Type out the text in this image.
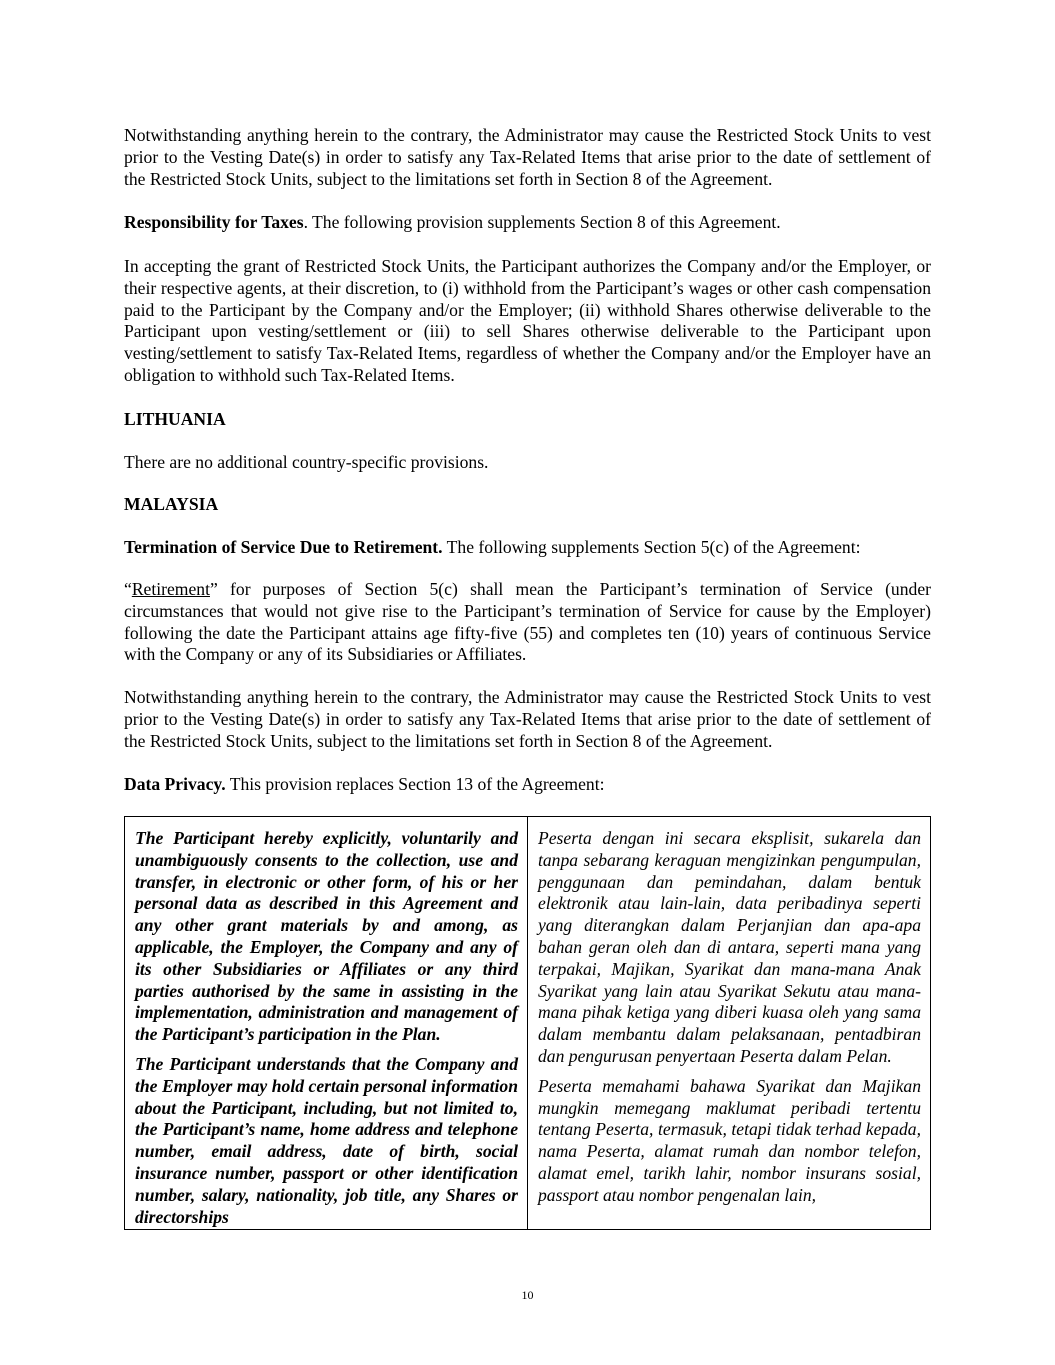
Notwithstanding anything herein to the contrary, the Administrator may cause the Restricted Stock Units to vest prior to the Vesting Date(s) in order to satisfy any Tax-Related Items that arise prior to the date of settlement of the Restricted Stock Units, subject to the limitations set forth in Section 8 of the Agreement.

Responsibility for Taxes. The following provision supplements Section 8 of this Agreement.

In accepting the grant of Restricted Stock Units, the Participant authorizes the Company and/or the Employer, or their respective agents, at their discretion, to (i) withhold from the Participant’s wages or other cash compensation paid to the Participant by the Company and/or the Employer; (ii) withhold Shares otherwise deliverable to the Participant upon vesting/settlement or (iii) to sell Shares otherwise deliverable to the Participant upon vesting/settlement to satisfy Tax-Related Items, regardless of whether the Company and/or the Employer have an obligation to withhold such Tax-Related Items.

LITHUANIA

There are no additional country-specific provisions.

MALAYSIA

Termination of Service Due to Retirement. The following supplements Section 5(c) of the Agreement:

“Retirement” for purposes of Section 5(c) shall mean the Participant’s termination of Service (under circumstances that would not give rise to the Participant’s termination of Service for cause by the Employer) following the date the Participant attains age fifty-five (55) and completes ten (10) years of continuous Service with the Company or any of its Subsidiaries or Affiliates.

Notwithstanding anything herein to the contrary, the Administrator may cause the Restricted Stock Units to vest prior to the Vesting Date(s) in order to satisfy any Tax-Related Items that arise prior to the date of settlement of the Restricted Stock Units, subject to the limitations set forth in Section 8 of the Agreement.

Data Privacy. This provision replaces Section 13 of the Agreement:

The Participant hereby explicitly, voluntarily and unambiguously consents to the collection, use and transfer, in electronic or other form, of his or her personal data as described in this Agreement and any other grant materials by and among, as applicable, the Employer, the Company and any of its other Subsidiaries or Affiliates or any third parties authorised by the same in assisting in the implementation, administration and management of the Participant’s participation in the Plan.

The Participant understands that the Company and the Employer may hold certain personal information about the Participant, including, but not limited to, the Participant’s name, home address and telephone number, email address, date of birth, social insurance number, passport or other identification number, salary, nationality, job title, any Shares or directorships

Peserta dengan ini secara eksplisit, sukarela dan tanpa sebarang keraguan mengizinkan pengumpulan, penggunaan dan pemindahan, dalam bentuk elektronik atau lain-lain, data peribadinya seperti yang diterangkan dalam Perjanjian dan apa-apa bahan geran oleh dan di antara, seperti mana yang terpakai, Majikan, Syarikat dan mana-mana Anak Syarikat yang lain atau Syarikat Sekutu atau mana-mana pihak ketiga yang diberi kuasa oleh yang sama dalam membantu dalam pelaksanaan, pentadbiran dan pengurusan penyertaan Peserta dalam Pelan.

Peserta memahami bahawa Syarikat dan Majikan mungkin memegang maklumat peribadi tertentu tentang Peserta, termasuk, tetapi tidak terhad kepada, nama Peserta, alamat rumah dan nombor telefon, alamat emel, tarikh lahir, nombor insurans sosial, passport atau nombor pengenalan lain,

10
